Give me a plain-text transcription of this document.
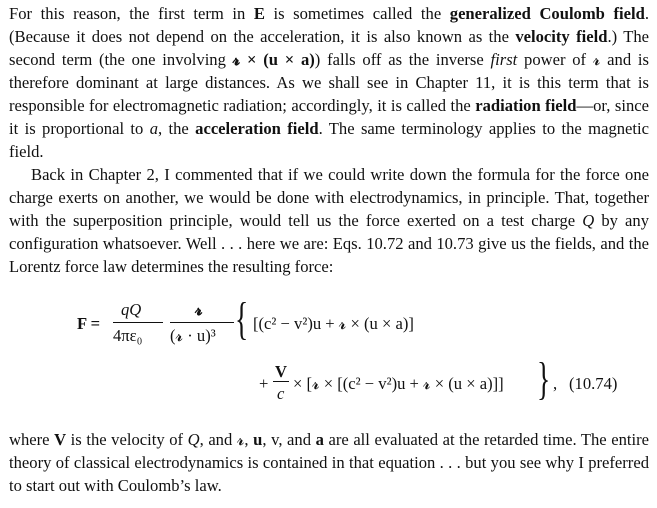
For this reason, the first term in E is sometimes called the generalized Coulomb field. (Because it does not depend on the acceleration, it is also known as the velocity field.) The second term (the one involving 𝓻 × (u × a)) falls off as the inverse first power of 𝓻 and is therefore dominant at large distances. As we shall see in Chapter 11, it is this term that is responsible for electromagnetic radiation; accordingly, it is called the radiation field—or, since it is proportional to a, the acceleration field. The same terminology applies to the magnetic field.

Back in Chapter 2, I commented that if we could write down the formula for the force one charge exerts on another, we would be done with electrodynamics, in principle. That, together with the superposition principle, would tell us the force exerted on a test charge Q by any configuration whatsoever. Well . . . here we are: Eqs. 10.72 and 10.73 give us the fields, and the Lorentz force law determines the resulting force:

F =
qQ
4πε₀
𝓻
(𝓻 · u)³ { [(c² − v²)u + 𝓻 × (u × a)]
+
V
c
× [𝓻 × [(c² − v²)u + 𝓻 × (u × a)]] } , (10.74)

where V is the velocity of Q, and 𝓻, u, v, and a are all evaluated at the retarded time. The entire theory of classical electrodynamics is contained in that equation . . . but you see why I preferred to start out with Coulomb’s law.
